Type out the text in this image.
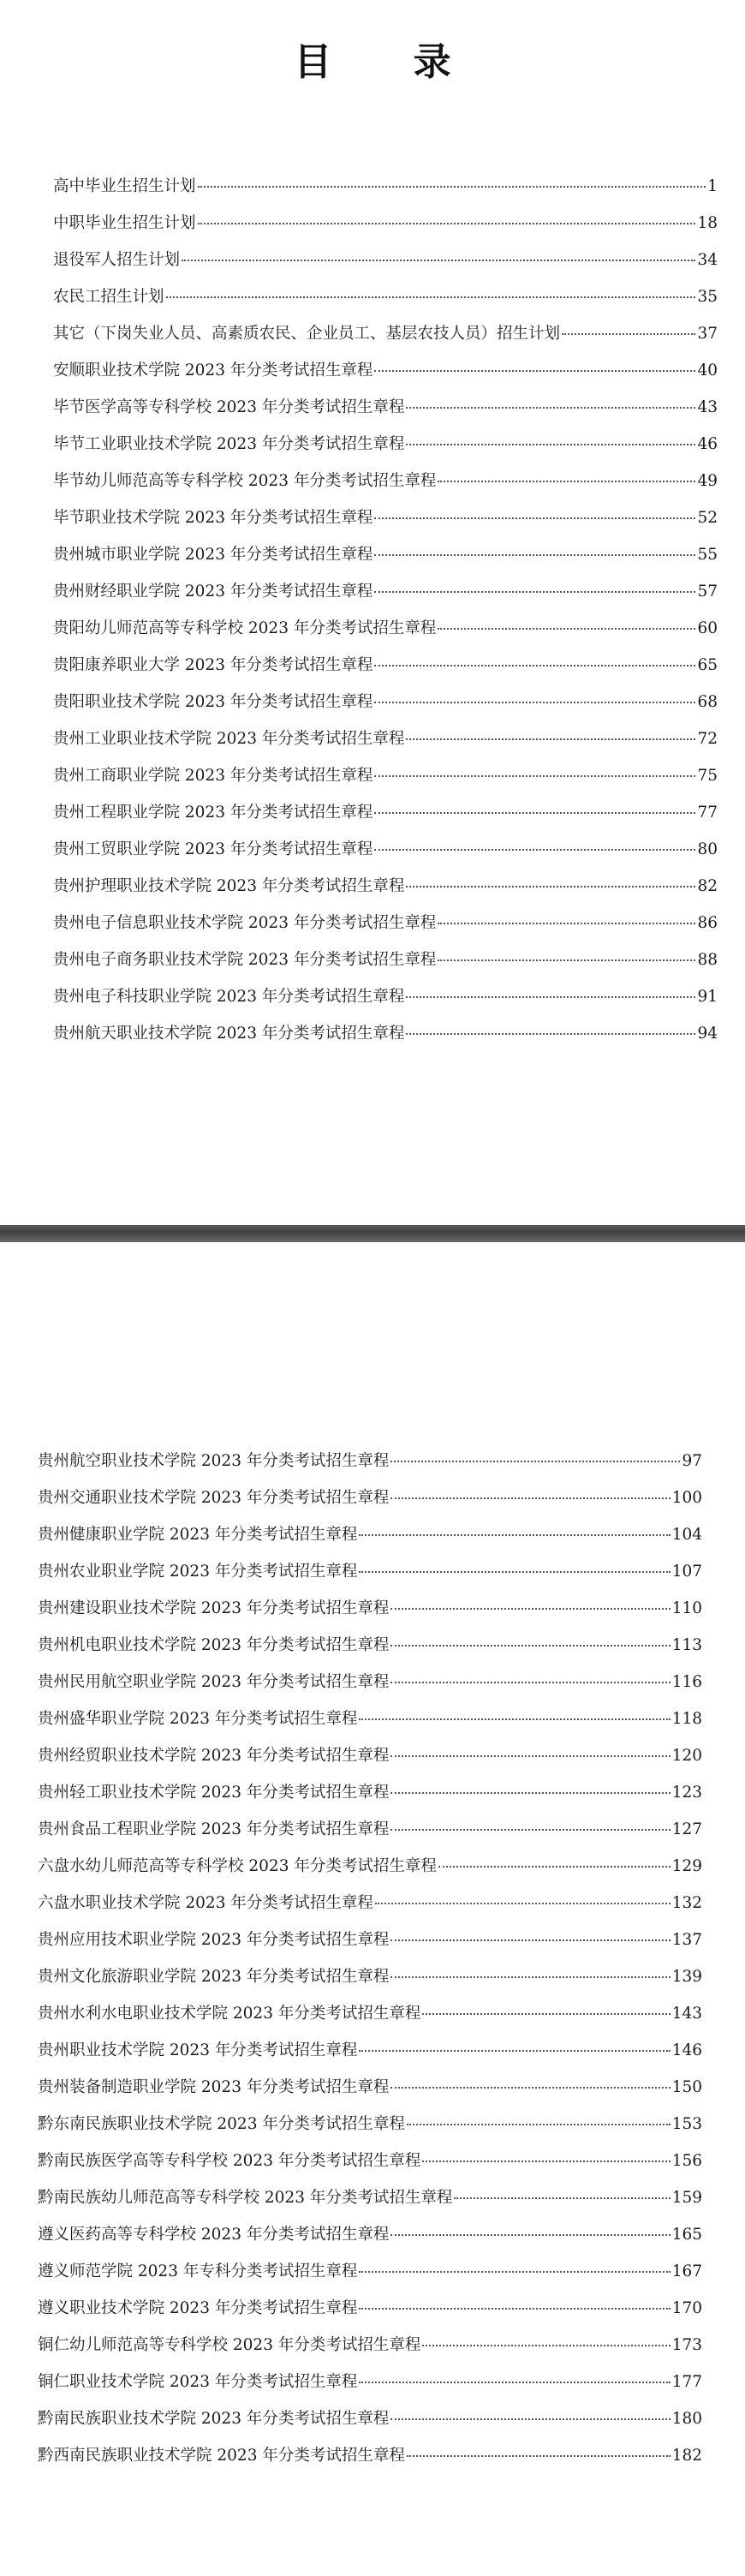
目 录
高中毕业生招生计划	1
中职毕业生招生计划	18
退役军人招生计划	34
农民工招生计划	35
其它（下岗失业人员、高素质农民、企业员工、基层农技人员）招生计划	37
安顺职业技术学院 2023 年分类考试招生章程	40
毕节医学高等专科学校 2023 年分类考试招生章程	43
毕节工业职业技术学院 2023 年分类考试招生章程	46
毕节幼儿师范高等专科学校 2023 年分类考试招生章程	49
毕节职业技术学院 2023 年分类考试招生章程	52
贵州城市职业学院 2023 年分类考试招生章程	55
贵州财经职业学院 2023 年分类考试招生章程	57
贵阳幼儿师范高等专科学校 2023 年分类考试招生章程	60
贵阳康养职业大学 2023 年分类考试招生章程	65
贵阳职业技术学院 2023 年分类考试招生章程	68
贵州工业职业技术学院 2023 年分类考试招生章程	72
贵州工商职业学院 2023 年分类考试招生章程	75
贵州工程职业学院 2023 年分类考试招生章程	77
贵州工贸职业学院 2023 年分类考试招生章程	80
贵州护理职业技术学院 2023 年分类考试招生章程	82
贵州电子信息职业技术学院 2023 年分类考试招生章程	86
贵州电子商务职业技术学院 2023 年分类考试招生章程	88
贵州电子科技职业学院 2023 年分类考试招生章程	91
贵州航天职业技术学院 2023 年分类考试招生章程	94
贵州航空职业技术学院 2023 年分类考试招生章程	97
贵州交通职业技术学院 2023 年分类考试招生章程	100
贵州健康职业学院 2023 年分类考试招生章程	104
贵州农业职业学院 2023 年分类考试招生章程	107
贵州建设职业技术学院 2023 年分类考试招生章程	110
贵州机电职业技术学院 2023 年分类考试招生章程	113
贵州民用航空职业学院 2023 年分类考试招生章程	116
贵州盛华职业学院 2023 年分类考试招生章程	118
贵州经贸职业技术学院 2023 年分类考试招生章程	120
贵州轻工职业技术学院 2023 年分类考试招生章程	123
贵州食品工程职业学院 2023 年分类考试招生章程	127
六盘水幼儿师范高等专科学校 2023 年分类考试招生章程	129
六盘水职业技术学院 2023 年分类考试招生章程	132
贵州应用技术职业学院 2023 年分类考试招生章程	137
贵州文化旅游职业学院 2023 年分类考试招生章程	139
贵州水利水电职业技术学院 2023 年分类考试招生章程	143
贵州职业技术学院 2023 年分类考试招生章程	146
贵州装备制造职业学院 2023 年分类考试招生章程	150
黔东南民族职业技术学院 2023 年分类考试招生章程	153
黔南民族医学高等专科学校 2023 年分类考试招生章程	156
黔南民族幼儿师范高等专科学校 2023 年分类考试招生章程	159
遵义医药高等专科学校 2023 年分类考试招生章程	165
遵义师范学院 2023 年专科分类考试招生章程	167
遵义职业技术学院 2023 年分类考试招生章程	170
铜仁幼儿师范高等专科学校 2023 年分类考试招生章程	173
铜仁职业技术学院 2023 年分类考试招生章程	177
黔南民族职业技术学院 2023 年分类考试招生章程	180
黔西南民族职业技术学院 2023 年分类考试招生章程	182
